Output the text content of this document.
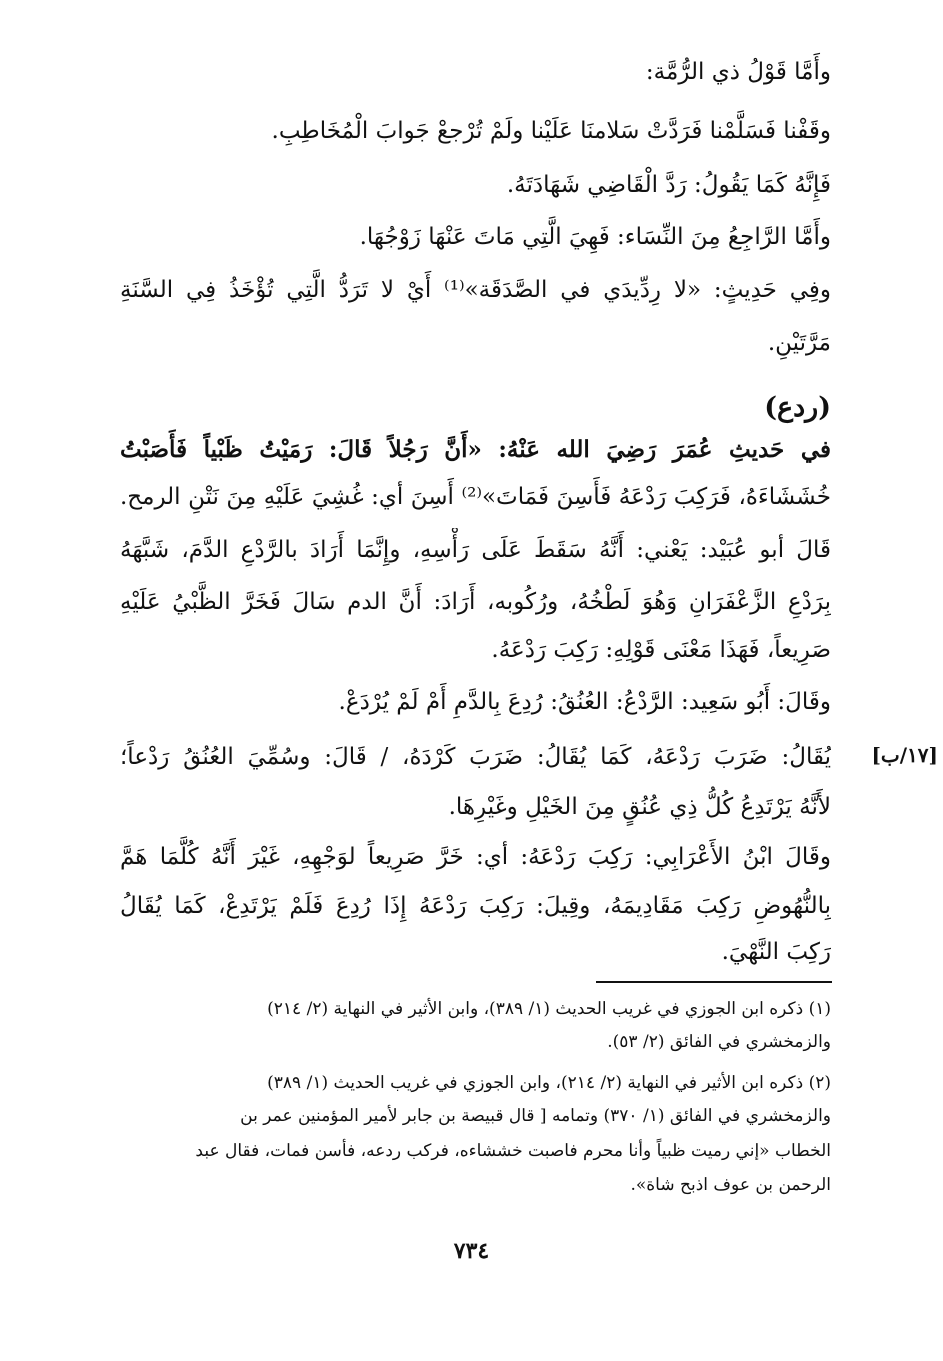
وأَمَّا قَوْلُ ذي الرُّمَّة:
وقَفْنا فَسَلَّمْنا فَرَدَّتْ سَلامنَا عَلَيْنا ولَمْ تُرْجعْ جَوابَ الْمُخَاطِبِ.
فَإِنَّهُ كَمَا يَقُولُ: رَدَّ الْقَاضِي شَهَادَتَهُ.
وأَمَّا الرَّاجِعُ مِنَ النِّسَاء: فَهِيَ الَّتِي مَاتَ عَنْهَا زَوْجُهَا.
وفِي حَدِيثٍ: «لا رِدِّيدَي في الصَّدَقَة»⁽¹⁾ أَيْ لا تَرَدُّ الَّتِي تُؤْخَذُ فِي السَّنَةِ
مَرَّتَيْنِ.
(ردع)
في حَديثِ عُمَرَ رَضِيَ الله عَنْهُ: «أَنَّ رَجُلاً قَالَ: رَمَيْتُ ظَبْياً فَأَصَبْتُ
خُشَشَاءَهُ، فَرَكِبَ رَدْعَهُ فَأَسِنَ فَمَاتَ»⁽²⁾ أَسِنَ أي: غُشِيَ عَلَيْهِ مِنَ نَتْنِ الرمح.
قَالَ أبو عُبَيْد: يَعْني: أَنَّهُ سَقَطَ عَلَى رَأْسِهِ، وإِنَّمَا أَرَادَ بالرَّدْعِ الدَّمَ، شَبَّهَهُ
بِرَدْعِ الزَّعْفَرَانِ وَهُوَ لَطْخُهُ، ورُكُوبه، أَرَادَ: أَنَّ الدم سَالَ فَخَرَّ الظَّبْيُ عَلَيْهِ
صَرِيعاً، فَهَذَا مَعْنَى قَوْلِهِ: رَكِبَ رَدْعَهُ.
وقَالَ: أَبُو سَعِيد: الرَّدْعُ: العُنُقُ: رُدِعَ بِالدَّمِ أَمْ لَمْ يُرْدَعْ.
[١٧/ب]
يُقَالُ: ضَرَبَ رَدْعَهُ، كَمَا يُقَالُ: ضَرَبَ كَرْدَهُ، / قَالَ: وسُمِّيَ العُنُقُ رَدْعاً؛
لأَنَّهُ يَرْتَدِعُ كُلُّ ذِي عُنُقٍ مِنَ الخَيْلِ وغَيْرِهَا.
وقَالَ ابْنُ الأَعْرَابِي: رَكِبَ رَدْعَهُ: أي: خَرَّ صَرِيعاً لوَجْهِهِ، غَيْرَ أَنَّهُ كُلَّمَا هَمَّ
بِالنُّهُوضِ رَكِبَ مَقَادِيمَهُ، وقِيلَ: رَكِبَ رَدْعَهُ إِذَا رُدِعَ فَلَمْ يَرْتَدِعْ، كَمَا يُقَالُ
رَكِبَ النَّهْيَ.
(١) ذكره ابن الجوزي في غريب الحديث (١/ ٣٨٩)، وابن الأثير في النهاية (٢/ ٢١٤)
والزمخشري في الفائق (٢/ ٥٣).
(٢) ذكره ابن الأثير في النهاية (٢/ ٢١٤)، وابن الجوزي في غريب الحديث (١/ ٣٨٩)
والزمخشري في الفائق (١/ ٣٧٠) وتمامه [ قال قبيصة بن جابر لأمير المؤمنين عمر بن
الخطاب «إني رميت ظبياً وأنا محرم فاصبت خششاءه، فركب ردعه، فأسن فمات، فقال عبد
الرحمن بن عوف اذبح شاة».
٧٣٤
